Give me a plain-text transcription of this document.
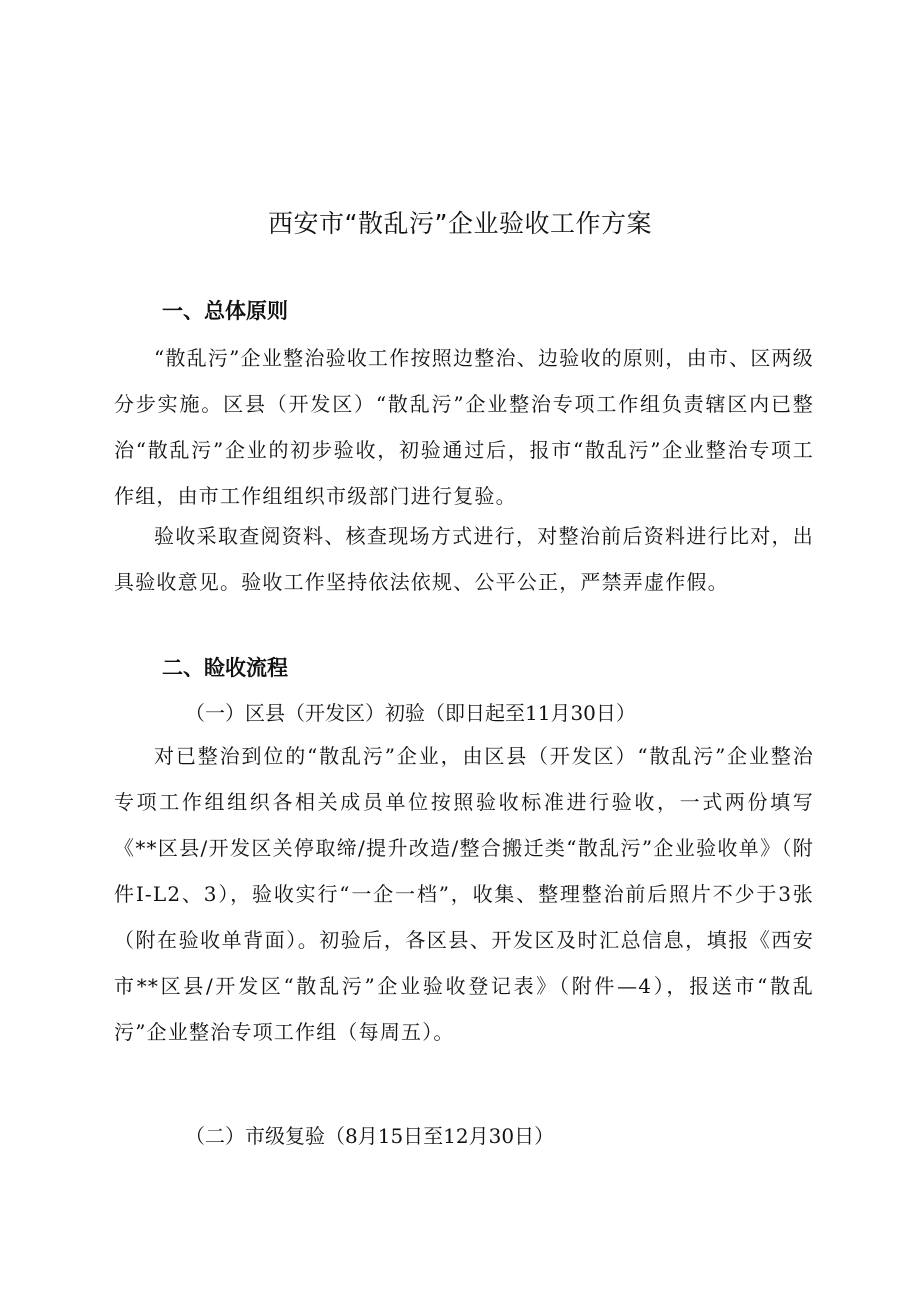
西安市“散乱污”企业验收工作方案
一、总体原则

“散乱污”企业整治验收工作按照边整治、边验收的原则，由市、区两级分步实施。区县（开发区）“散乱污”企业整治专项工作组负责辖区内已整治“散乱污”企业的初步验收，初验通过后，报市“散乱污”企业整治专项工作组，由市工作组组织市级部门进行复验。

验收采取查阅资料、核查现场方式进行，对整治前后资料进行比对，出具验收意见。验收工作坚持依法依规、公平公正，严禁弄虚作假。

二、睑收流程
（一）区县（开发区）初验（即日起至11月30日）

对已整治到位的“散乱污”企业，由区县（开发区）“散乱污”企业整治专项工作组组织各相关成员单位按照验收标准进行验收，一式两份填写《**区县/开发区关停取缔/提升改造/整合搬迁类“散乱污”企业验收单》（附件I-L2、3），验收实行“一企一档”，收集、整理整治前后照片不少于3张（附在验收单背面）。初验后，各区县、开发区及时汇总信息，填报《西安市**区县/开发区“散乱污”企业验收登记表》（附件—4），报送市“散乱污”企业整治专项工作组（每周五）。

（二）市级复验（8月15日至12月30日）
